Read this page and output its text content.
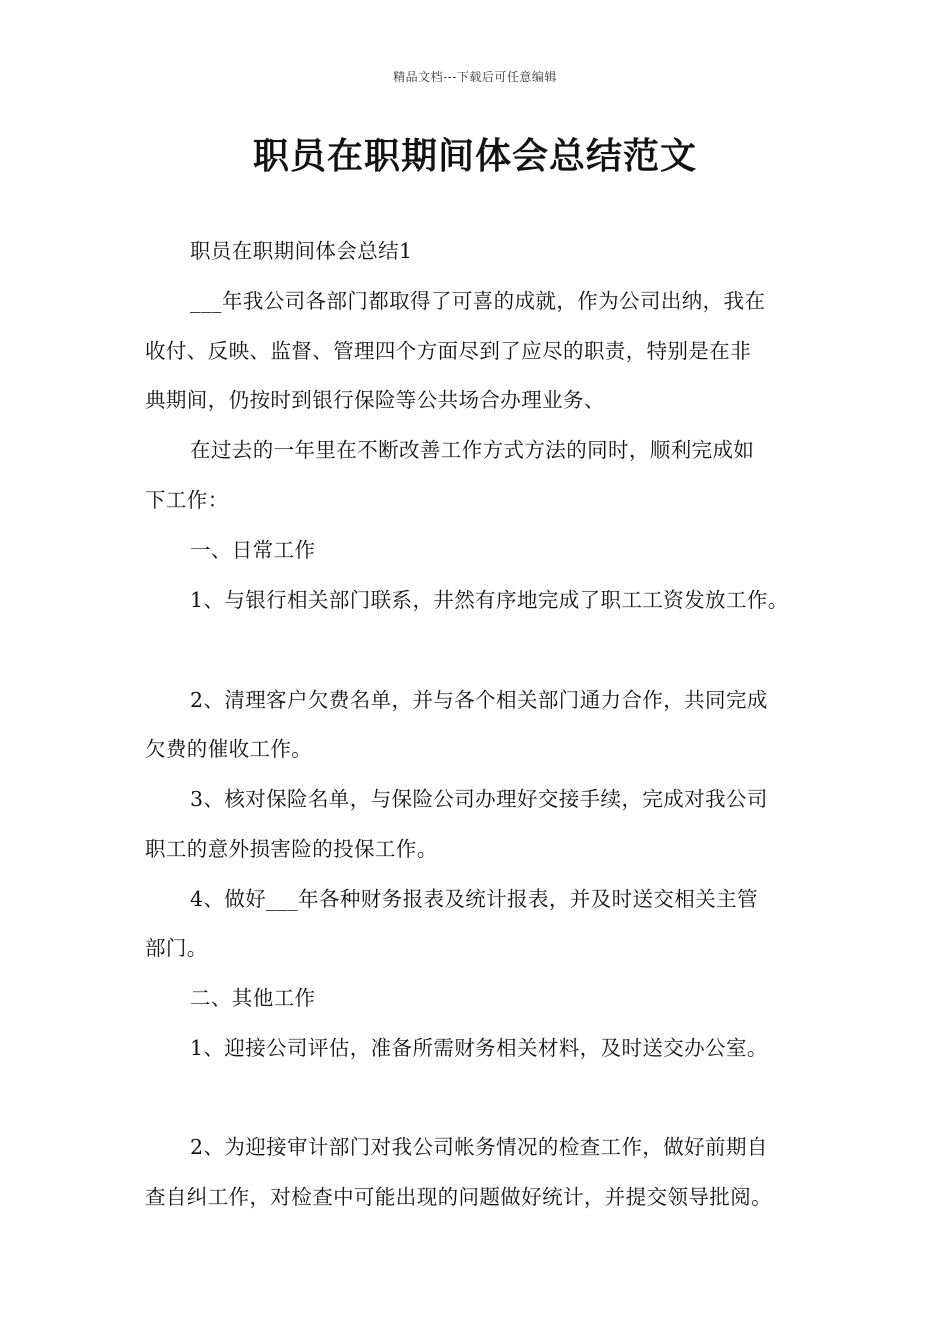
精品文档---下载后可任意编辑
职员在职期间体会总结范文
职员在职期间体会总结1
___年我公司各部门都取得了可喜的成就，作为公司出纳，我在
收付、反映、监督、管理四个方面尽到了应尽的职责，特别是在非
典期间，仍按时到银行保险等公共场合办理业务、
在过去的一年里在不断改善工作方式方法的同时，顺利完成如
下工作：
一、日常工作
1、与银行相关部门联系，井然有序地完成了职工工资发放工作。
2、清理客户欠费名单，并与各个相关部门通力合作，共同完成
欠费的催收工作。
3、核对保险名单，与保险公司办理好交接手续，完成对我公司
职工的意外损害险的投保工作。
4、做好___年各种财务报表及统计报表，并及时送交相关主管
部门。
二、其他工作
1、迎接公司评估，准备所需财务相关材料，及时送交办公室。
2、为迎接审计部门对我公司帐务情况的检查工作，做好前期自
查自纠工作，对检查中可能出现的问题做好统计，并提交领导批阅。
